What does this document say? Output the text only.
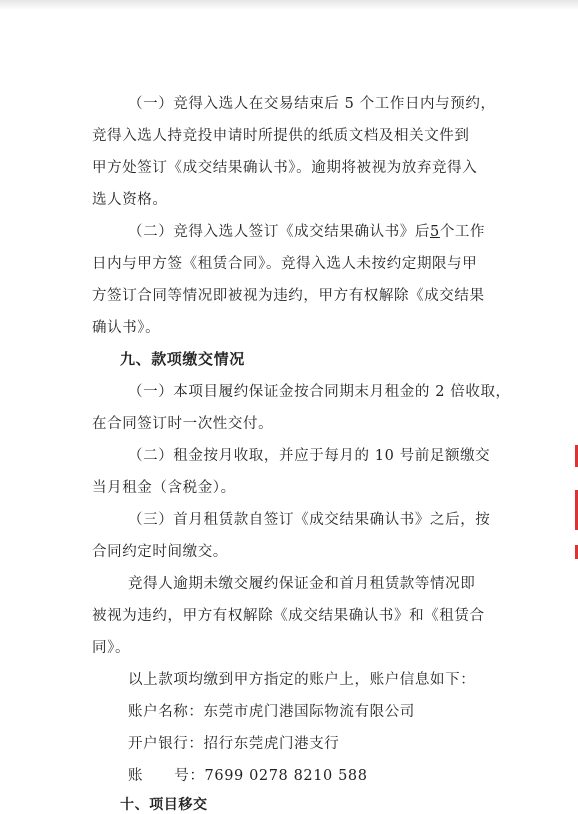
（一）竞得入选人在交易结束后 5 个工作日内与预约，
竞得入选人持竞投申请时所提供的纸质文档及相关文件到
甲方处签订《成交结果确认书》。逾期将被视为放弃竞得入
选人资格。
（二）竞得入选人签订《成交结果确认书》后5个工作
日内与甲方签《租赁合同》。竞得入选人未按约定期限与甲
方签订合同等情况即被视为违约，甲方有权解除《成交结果
确认书》。
九、款项缴交情况
（一）本项目履约保证金按合同期末月租金的 2 倍收取，
在合同签订时一次性交付。
（二）租金按月收取，并应于每月的 10 号前足额缴交
当月租金（含税金）。
（三）首月租赁款自签订《成交结果确认书》之后，按
合同约定时间缴交。
竞得人逾期未缴交履约保证金和首月租赁款等情况即
被视为违约，甲方有权解除《成交结果确认书》和《租赁合
同》。
以上款项均缴到甲方指定的账户上，账户信息如下：
账户名称：东莞市虎门港国际物流有限公司
开户银行：招行东莞虎门港支行
账      号：7699 0278 8210 588
十、项目移交
